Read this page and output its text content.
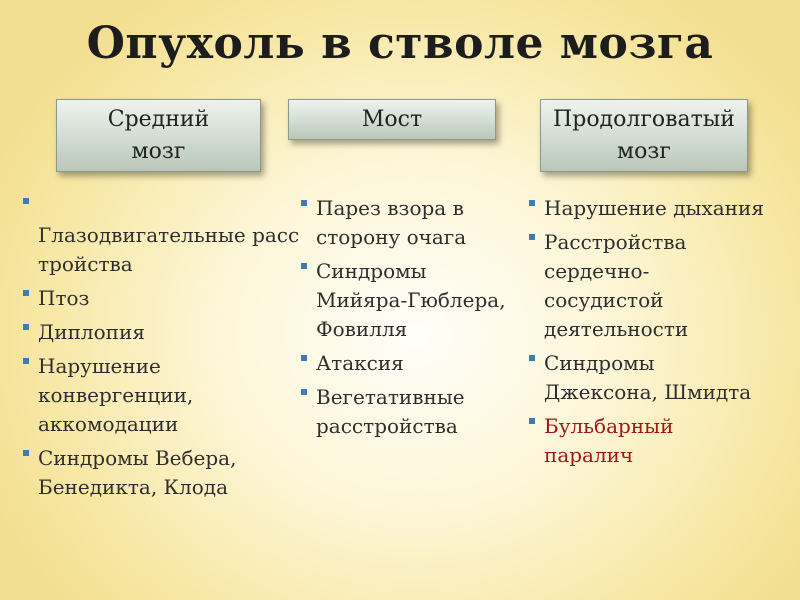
Опухоль в стволе мозга
Средний мозг
Мост	Продолговатый мозг
Глазодвигательные расстройства
Птоз
Диплопия
Нарушение конвергенции, аккомодации
Синдромы Вебера, Бенедикта, Клода
Парез взора в сторону очага
Синдромы Мийяра-Гюблера, Фовилля
Атаксия
Вегетативные расстройства
Нарушение дыхания
Расстройства сердечно-сосудистой деятельности
Синдромы Джексона, Шмидта
Бульбарный паралич
